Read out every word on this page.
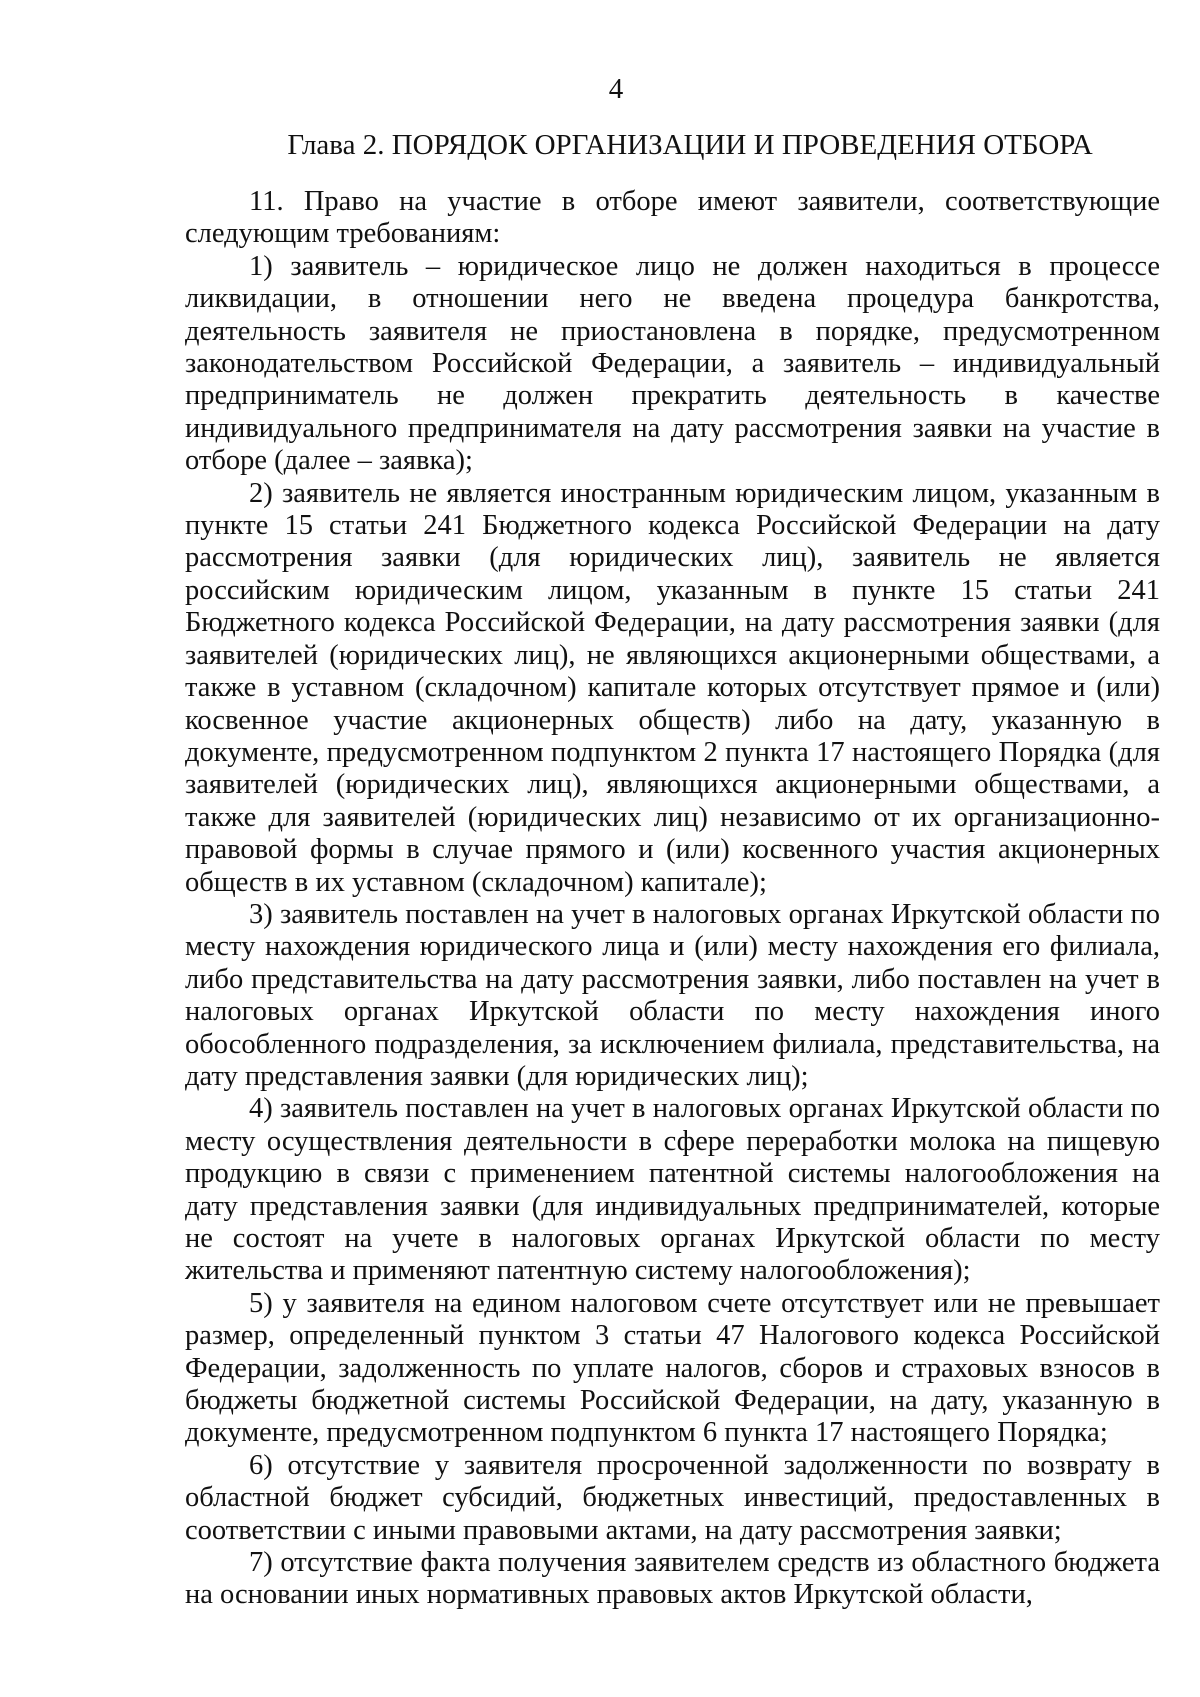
4
Глава 2. ПОРЯДОК ОРГАНИЗАЦИИ И ПРОВЕДЕНИЯ ОТБОРА

11. Право на участие в отборе имеют заявители, соответствующие следующим требованиям:

1) заявитель – юридическое лицо не должен находиться в процессе ликвидации, в отношении него не введена процедура банкротства, деятельность заявителя не приостановлена в порядке, предусмотренном законодательством Российской Федерации, а заявитель – индивидуальный предприниматель не должен прекратить деятельность в качестве индивидуального предпринимателя на дату рассмотрения заявки на участие в отборе (далее – заявка);

2) заявитель не является иностранным юридическим лицом, указанным в пункте 15 статьи 241 Бюджетного кодекса Российской Федерации на дату рассмотрения заявки (для юридических лиц), заявитель не является российским юридическим лицом, указанным в пункте 15 статьи 241 Бюджетного кодекса Российской Федерации, на дату рассмотрения заявки (для заявителей (юридических лиц), не являющихся акционерными обществами, а также в уставном (складочном) капитале которых отсутствует прямое и (или) косвенное участие акционерных обществ) либо на дату, указанную в документе, предусмотренном подпунктом 2 пункта 17 настоящего Порядка (для заявителей (юридических лиц), являющихся акционерными обществами, а также для заявителей (юридических лиц) независимо от их организационно-правовой формы в случае прямого и (или) косвенного участия акционерных обществ в их уставном (складочном) капитале);

3) заявитель поставлен на учет в налоговых органах Иркутской области по месту нахождения юридического лица и (или) месту нахождения его филиала, либо представительства на дату рассмотрения заявки, либо поставлен на учет в налоговых органах Иркутской области по месту нахождения иного обособленного подразделения, за исключением филиала, представительства, на дату представления заявки (для юридических лиц);

4) заявитель поставлен на учет в налоговых органах Иркутской области по месту осуществления деятельности в сфере переработки молока на пищевую продукцию в связи с применением патентной системы налогообложения на дату представления заявки (для индивидуальных предпринимателей, которые не состоят на учете в налоговых органах Иркутской области по месту жительства и применяют патентную систему налогообложения);

5) у заявителя на едином налоговом счете отсутствует или не превышает размер, определенный пунктом 3 статьи 47 Налогового кодекса Российской Федерации, задолженность по уплате налогов, сборов и страховых взносов в бюджеты бюджетной системы Российской Федерации, на дату, указанную в документе, предусмотренном подпунктом 6 пункта 17 настоящего Порядка;

6) отсутствие у заявителя просроченной задолженности по возврату в областной бюджет субсидий, бюджетных инвестиций, предоставленных в соответствии с иными правовыми актами, на дату рассмотрения заявки;

7) отсутствие факта получения заявителем средств из областного бюджета на основании иных нормативных правовых актов Иркутской области,
